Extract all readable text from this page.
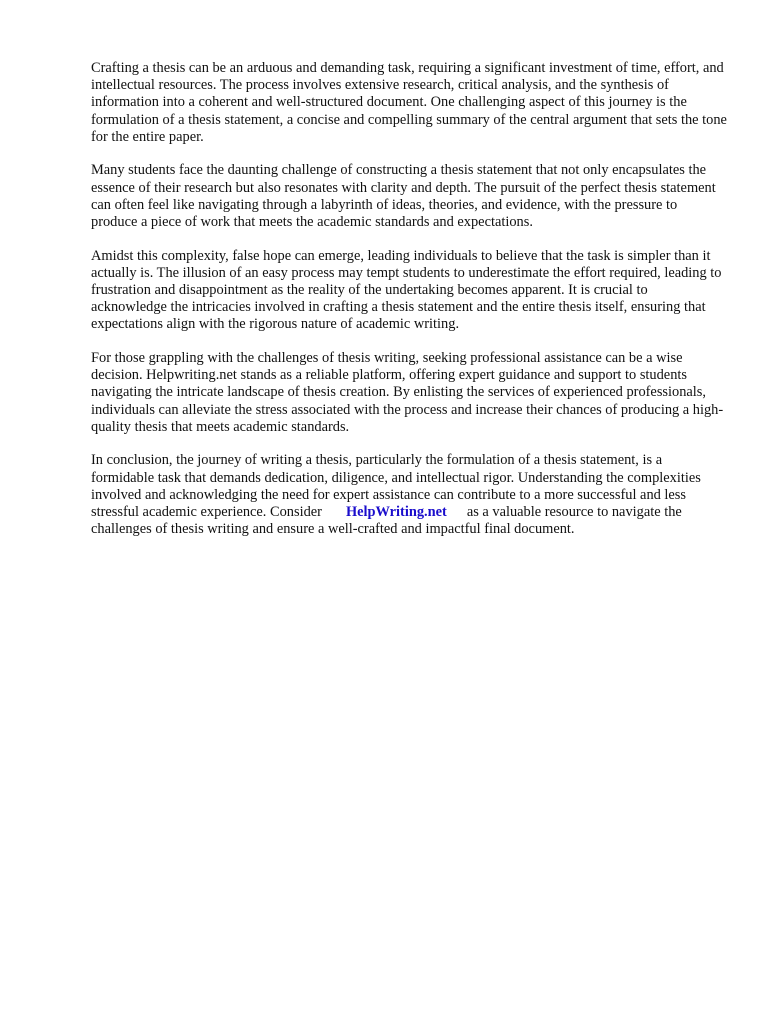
Crafting a thesis can be an arduous and demanding task, requiring a significant investment of time, effort, and intellectual resources. The process involves extensive research, critical analysis, and the synthesis of information into a coherent and well-structured document. One challenging aspect of this journey is the formulation of a thesis statement, a concise and compelling summary of the central argument that sets the tone for the entire paper.

Many students face the daunting challenge of constructing a thesis statement that not only encapsulates the essence of their research but also resonates with clarity and depth. The pursuit of the perfect thesis statement can often feel like navigating through a labyrinth of ideas, theories, and evidence, with the pressure to produce a piece of work that meets the academic standards and expectations.

Amidst this complexity, false hope can emerge, leading individuals to believe that the task is simpler than it actually is. The illusion of an easy process may tempt students to underestimate the effort required, leading to frustration and disappointment as the reality of the undertaking becomes apparent. It is crucial to acknowledge the intricacies involved in crafting a thesis statement and the entire thesis itself, ensuring that expectations align with the rigorous nature of academic writing.

For those grappling with the challenges of thesis writing, seeking professional assistance can be a wise decision. Helpwriting.net stands as a reliable platform, offering expert guidance and support to students navigating the intricate landscape of thesis creation. By enlisting the services of experienced professionals, individuals can alleviate the stress associated with the process and increase their chances of producing a high-quality thesis that meets academic standards.

In conclusion, the journey of writing a thesis, particularly the formulation of a thesis statement, is a formidable task that demands dedication, diligence, and intellectual rigor. Understanding the complexities involved and acknowledging the need for expert assistance can contribute to a more successful and less stressful academic experience. Consider HelpWriting.net as a valuable resource to navigate the challenges of thesis writing and ensure a well-crafted and impactful final document.
